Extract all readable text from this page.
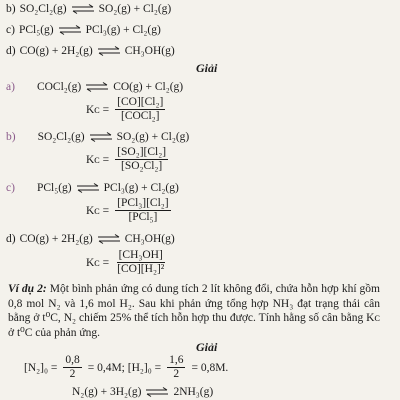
b) SO₂Cl₂(g)	SO₂(g) + Cl₂(g)
c) PCl₅(g)	PCl₃(g) + Cl₂(g)
d) CO(g) + 2H₂(g)	CH₃OH(g)
Giải
a) COCl₂(g)	CO(g) + Cl₂(g)
Kᴄ = $\frac{\text{[CO][Cl₂]}}{\text{[COCl₂]}}$
b) SO₂Cl₂(g)	SO₂(g) + Cl₂(g)
Kᴄ = $\frac{\text{[SO₂][Cl₂]}}{\text{[SO₂Cl₂]}}$
c) PCl₅(g)	PCl₃(g) + Cl₂(g)
Kᴄ = $\frac{\text{[PCl₃][Cl₂]}}{\text{[PCl₅]}}$
d) CO(g) + 2H₂(g)	CH₃OH(g)
Kᴄ = $\frac{\text{[CH₃OH]}}{\text{[CO][H₂]²}}$
Ví dụ 2: Một bình phản ứng có dung tích 2 lít không đổi, chứa hỗn hợp khí gồm 0,8 mol N₂ và 1,6 mol H₂. Sau khi phản ứng tổng hợp NH₃ đạt trạng thái cân bằng ở t⁰C, N₂ chiếm 25% thể tích hỗn hợp thu được. Tính hằng số cân bằng Kᴄ ở t⁰C của phản ứng.
Giải
$[N_2]_0 = \frac{0,8}{2} = 0,4M$; $[H_2]_0 = \frac{1,6}{2} = 0,8M$.
N₂(g) + 3H₂(g)	2NH₃(g)
